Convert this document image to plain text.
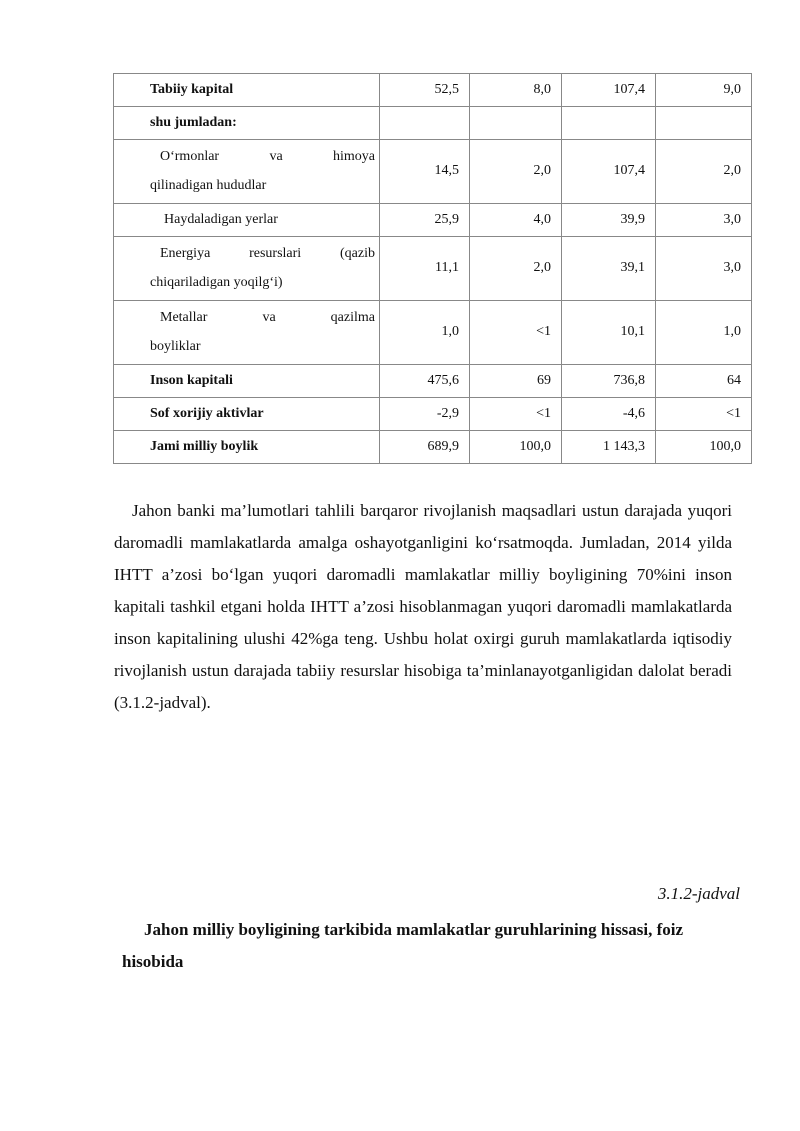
Tabiiy kapital	52,5	8,0	107,4	9,0
shu jumladan:				

O‘rmonlar va himoya
qilinadigan hududlar	14,5	2,0	107,4	2,0
Haydaladigan yerlar	25,9	4,0	39,9	3,0

Energiya resurslari (qazib
chiqariladigan yoqilg‘i)	11,1	2,0	39,1	3,0

Metallar va qazilma
boyliklar	1,0	<1	10,1	1,0
Inson kapitali	475,6	69	736,8	64
Sof xorijiy aktivlar	-2,9	<1	-4,6	<1
Jami milliy boylik	689,9	100,0	1 143,3	100,0

Jahon banki ma’lumotlari tahlili barqaror rivojlanish maqsadlari ustun darajada yuqori daromadli mamlakatlarda amalga oshayotganligini ko‘rsatmoqda. Jumladan, 2014 yilda IHTT a’zosi bo‘lgan yuqori daromadli mamlakatlar milliy boyligining 70%ini inson kapitali tashkil etgani holda IHTT a’zosi hisoblanmagan yuqori daromadli mamlakatlarda inson kapitalining ulushi 42%ga teng. Ushbu holat oxirgi guruh mamlakatlarda iqtisodiy rivojlanish ustun darajada tabiiy resurslar hisobiga ta’minlanayotganligidan dalolat beradi (3.1.2-jadval).

3.1.2-jadval

Jahon milliy boyligining tarkibida mamlakatlar guruhlarining hissasi, foiz hisobida
